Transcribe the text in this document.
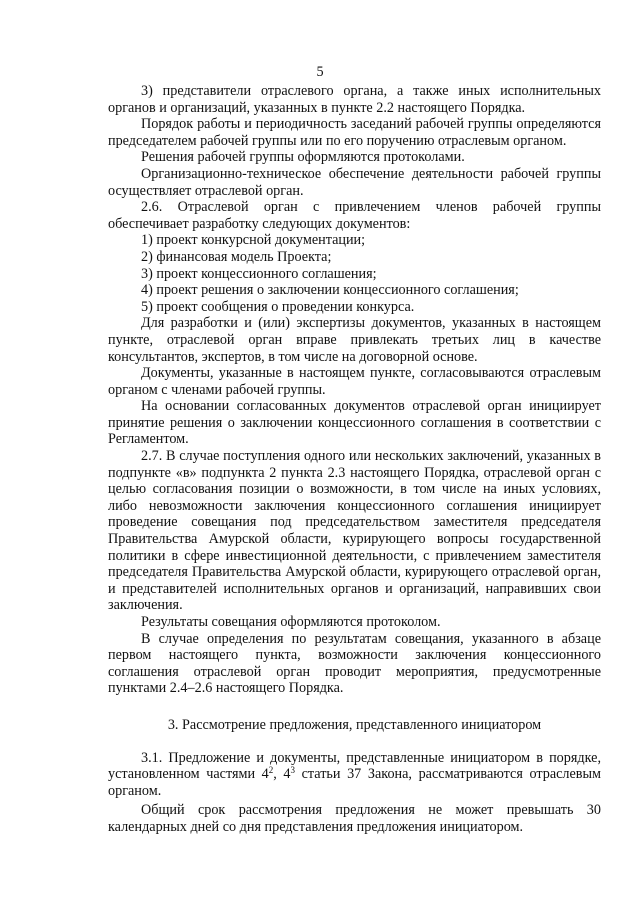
5

3) представители отраслевого органа, а также иных исполнительных органов и организаций, указанных в пункте 2.2 настоящего Порядка.

Порядок работы и периодичность заседаний рабочей группы определяются председателем рабочей группы или по его поручению отраслевым органом.

Решения рабочей группы оформляются протоколами.

Организационно-техническое обеспечение деятельности рабочей группы осуществляет отраслевой орган.

2.6. Отраслевой орган с привлечением членов рабочей группы обеспечивает разработку следующих документов:

1) проект конкурсной документации;

2) финансовая модель Проекта;

3) проект концессионного соглашения;

4) проект решения о заключении концессионного соглашения;

5) проект сообщения о проведении конкурса.

Для разработки и (или) экспертизы документов, указанных в настоящем пункте, отраслевой орган вправе привлекать третьих лиц в качестве консультантов, экспертов, в том числе на договорной основе.

Документы, указанные в настоящем пункте, согласовываются отраслевым органом с членами рабочей группы.

На основании согласованных документов отраслевой орган инициирует принятие решения о заключении концессионного соглашения в соответствии с Регламентом.

2.7. В случае поступления одного или нескольких заключений, указанных в подпункте «в» подпункта 2 пункта 2.3 настоящего Порядка, отраслевой орган с целью согласования позиции о возможности, в том числе на иных условиях, либо невозможности заключения концессионного соглашения инициирует проведение совещания под председательством заместителя председателя Правительства Амурской области, курирующего вопросы государственной политики в сфере инвестиционной деятельности, с привлечением заместителя председателя Правительства Амурской области, курирующего отраслевой орган, и представителей исполнительных органов и организаций, направивших свои заключения.

Результаты совещания оформляются протоколом.

В случае определения по результатам совещания, указанного в абзаце первом настоящего пункта, возможности заключения концессионного соглашения отраслевой орган проводит мероприятия, предусмотренные пунктами 2.4–2.6 настоящего Порядка.

3. Рассмотрение предложения, представленного инициатором

3.1. Предложение и документы, представленные инициатором в порядке, установленном частями $4^2$, $4^3$ статьи 37 Закона, рассматриваются отраслевым органом.

Общий срок рассмотрения предложения не может превышать 30 календарных дней со дня представления предложения инициатором.
